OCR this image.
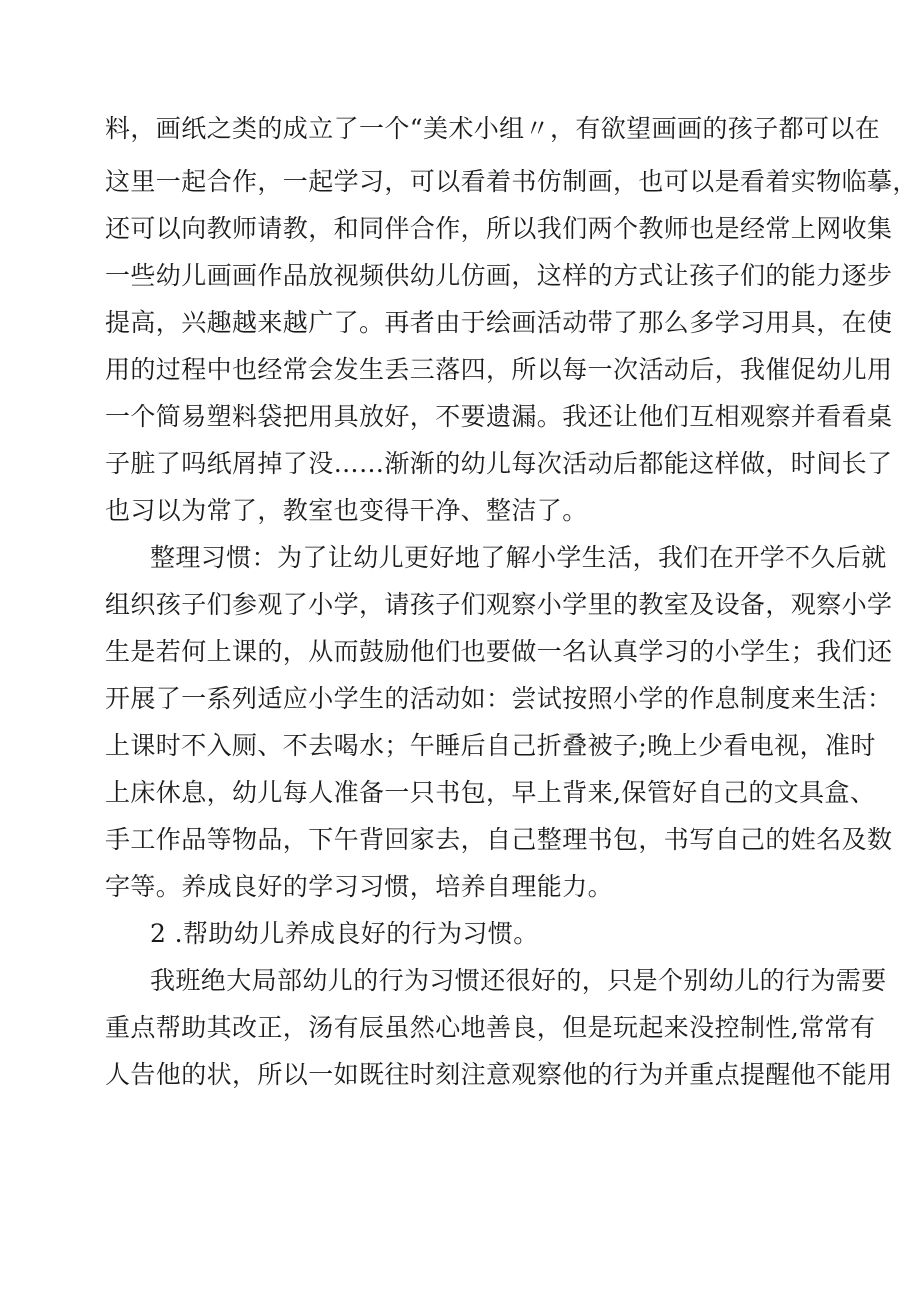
料，画纸之类的成立了一个“美术小组〃，有欲望画画的孩子都可以在
这里一起合作，一起学习，可以看着书仿制画，也可以是看着实物临摹，
还可以向教师请教，和同伴合作，所以我们两个教师也是经常上网收集
一些幼儿画画作品放视频供幼儿仿画，这样的方式让孩子们的能力逐步
提高，兴趣越来越广了。再者由于绘画活动带了那么多学习用具，在使
用的过程中也经常会发生丢三落四，所以每一次活动后，我催促幼儿用
一个简易塑料袋把用具放好，不要遗漏。我还让他们互相观察并看看桌
子脏了吗纸屑掉了没……渐渐的幼儿每次活动后都能这样做，时间长了
也习以为常了，教室也变得干净、整洁了。
整理习惯：为了让幼儿更好地了解小学生活，我们在开学不久后就
组织孩子们参观了小学，请孩子们观察小学里的教室及设备，观察小学
生是若何上课的，从而鼓励他们也要做一名认真学习的小学生；我们还
开展了一系列适应小学生的活动如：尝试按照小学的作息制度来生活：
上课时不入厕、不去喝水；午睡后自己折叠被子;晚上少看电视，准时
上床休息，幼儿每人准备一只书包，早上背来,保管好自己的文具盒、
手工作品等物品，下午背回家去，自己整理书包，书写自己的姓名及数
字等。养成良好的学习习惯，培养自理能力。
2 .帮助幼儿养成良好的行为习惯。
我班绝大局部幼儿的行为习惯还很好的，只是个别幼儿的行为需要
重点帮助其改正，汤有辰虽然心地善良，但是玩起来没控制性,常常有
人告他的状，所以一如既往时刻注意观察他的行为并重点提醒他不能用
